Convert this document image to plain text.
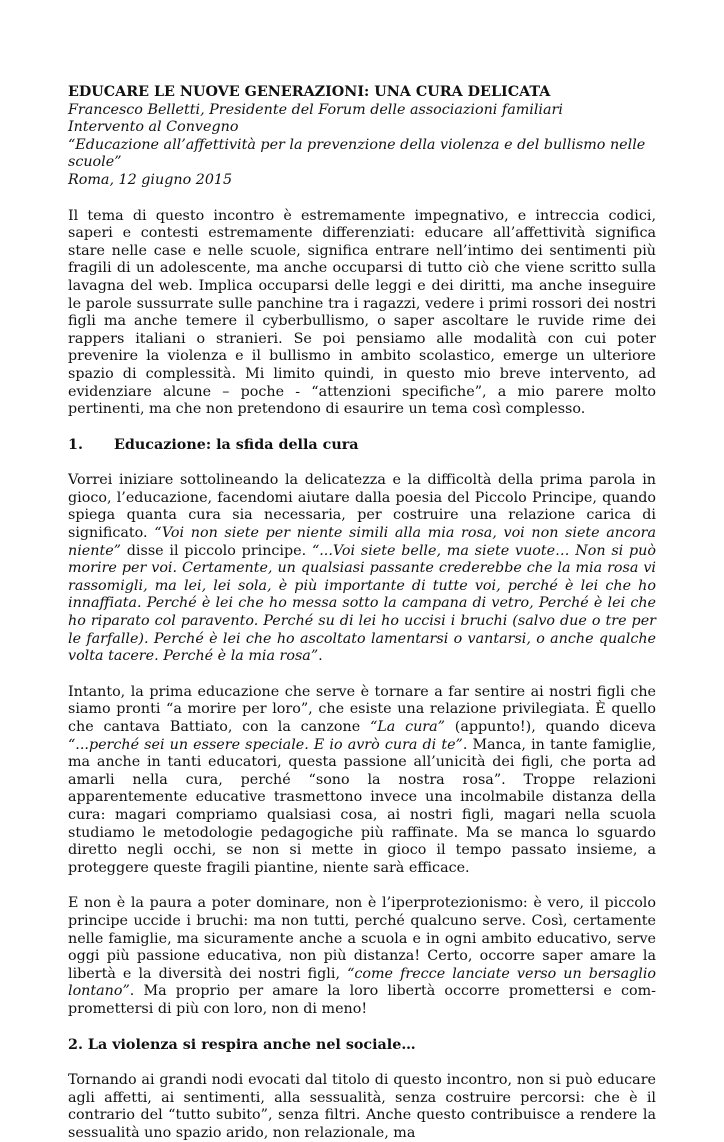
EDUCARE LE NUOVE GENERAZIONI: UNA CURA DELICATA

Francesco Belletti, Presidente del Forum delle associazioni familiari

Intervento al Convegno

“Educazione all’affettività per la prevenzione della violenza e del bullismo nelle scuole”

Roma, 12 giugno 2015

Il tema di questo incontro è estremamente impegnativo, e intreccia codici, saperi e contesti estremamente differenziati: educare all’affettività significa stare nelle case e nelle scuole, significa entrare nell’intimo dei sentimenti più fragili di un adolescente, ma anche occuparsi di tutto ciò che viene scritto sulla lavagna del web. Implica occuparsi delle leggi e dei diritti, ma anche inseguire le parole sussurrate sulle panchine tra i ragazzi, vedere i primi rossori dei nostri figli ma anche temere il cyberbullismo, o saper ascoltare le ruvide rime dei rappers italiani o stranieri. Se poi pensiamo alle modalità con cui poter prevenire la violenza e il bullismo in ambito scolastico, emerge un ulteriore spazio di complessità. Mi limito quindi, in questo mio breve intervento, ad evidenziare alcune – poche - “attenzioni specifiche”, a mio parere molto pertinenti, ma che non pretendono di esaurire un tema così complesso.

1. Educazione: la sfida della cura

Vorrei iniziare sottolineando la delicatezza e la difficoltà della prima parola in gioco, l’educazione, facendomi aiutare dalla poesia del Piccolo Principe, quando spiega quanta cura sia necessaria, per costruire una relazione carica di significato. “Voi non siete per niente simili alla mia rosa, voi non siete ancora niente” disse il piccolo principe. “...Voi siete belle, ma siete vuote… Non si può morire per voi. Certamente, un qualsiasi passante crederebbe che la mia rosa vi rassomigli, ma lei, lei sola, è più importante di tutte voi, perché è lei che ho innaffiata. Perché è lei che ho messa sotto la campana di vetro, Perché è lei che ho riparato col paravento. Perché su di lei ho uccisi i bruchi (salvo due o tre per le farfalle). Perché è lei che ho ascoltato lamentarsi o vantarsi, o anche qualche volta tacere. Perché è la mia rosa”.

Intanto, la prima educazione che serve è tornare a far sentire ai nostri figli che siamo pronti “a morire per loro”, che esiste una relazione privilegiata. È quello che cantava Battiato, con la canzone “La cura” (appunto!), quando diceva “...perché sei un essere speciale. E io avrò cura di te”. Manca, in tante famiglie, ma anche in tanti educatori, questa passione all’unicità dei figli, che porta ad amarli nella cura, perché “sono la nostra rosa”. Troppe relazioni apparentemente educative trasmettono invece una incolmabile distanza della cura: magari compriamo qualsiasi cosa, ai nostri figli, magari nella scuola studiamo le metodologie pedagogiche più raffinate. Ma se manca lo sguardo diretto negli occhi, se non si mette in gioco il tempo passato insieme, a proteggere queste fragili piantine, niente sarà efficace.

E non è la paura a poter dominare, non è l’iperprotezionismo: è vero, il piccolo principe uccide i bruchi: ma non tutti, perché qualcuno serve. Così, certamente nelle famiglie, ma sicuramente anche a scuola e in ogni ambito educativo, serve oggi più passione educativa, non più distanza! Certo, occorre saper amare la libertà e la diversità dei nostri figli, “come frecce lanciate verso un bersaglio lontano”. Ma proprio per amare la loro libertà occorre promettersi e com-promettersi di più con loro, non di meno!

2. La violenza si respira anche nel sociale…

Tornando ai grandi nodi evocati dal titolo di questo incontro, non si può educare agli affetti, ai sentimenti, alla sessualità, senza costruire percorsi: che è il contrario del “tutto subito”, senza filtri. Anche questo contribuisce a rendere la sessualità uno spazio arido, non relazionale, ma
